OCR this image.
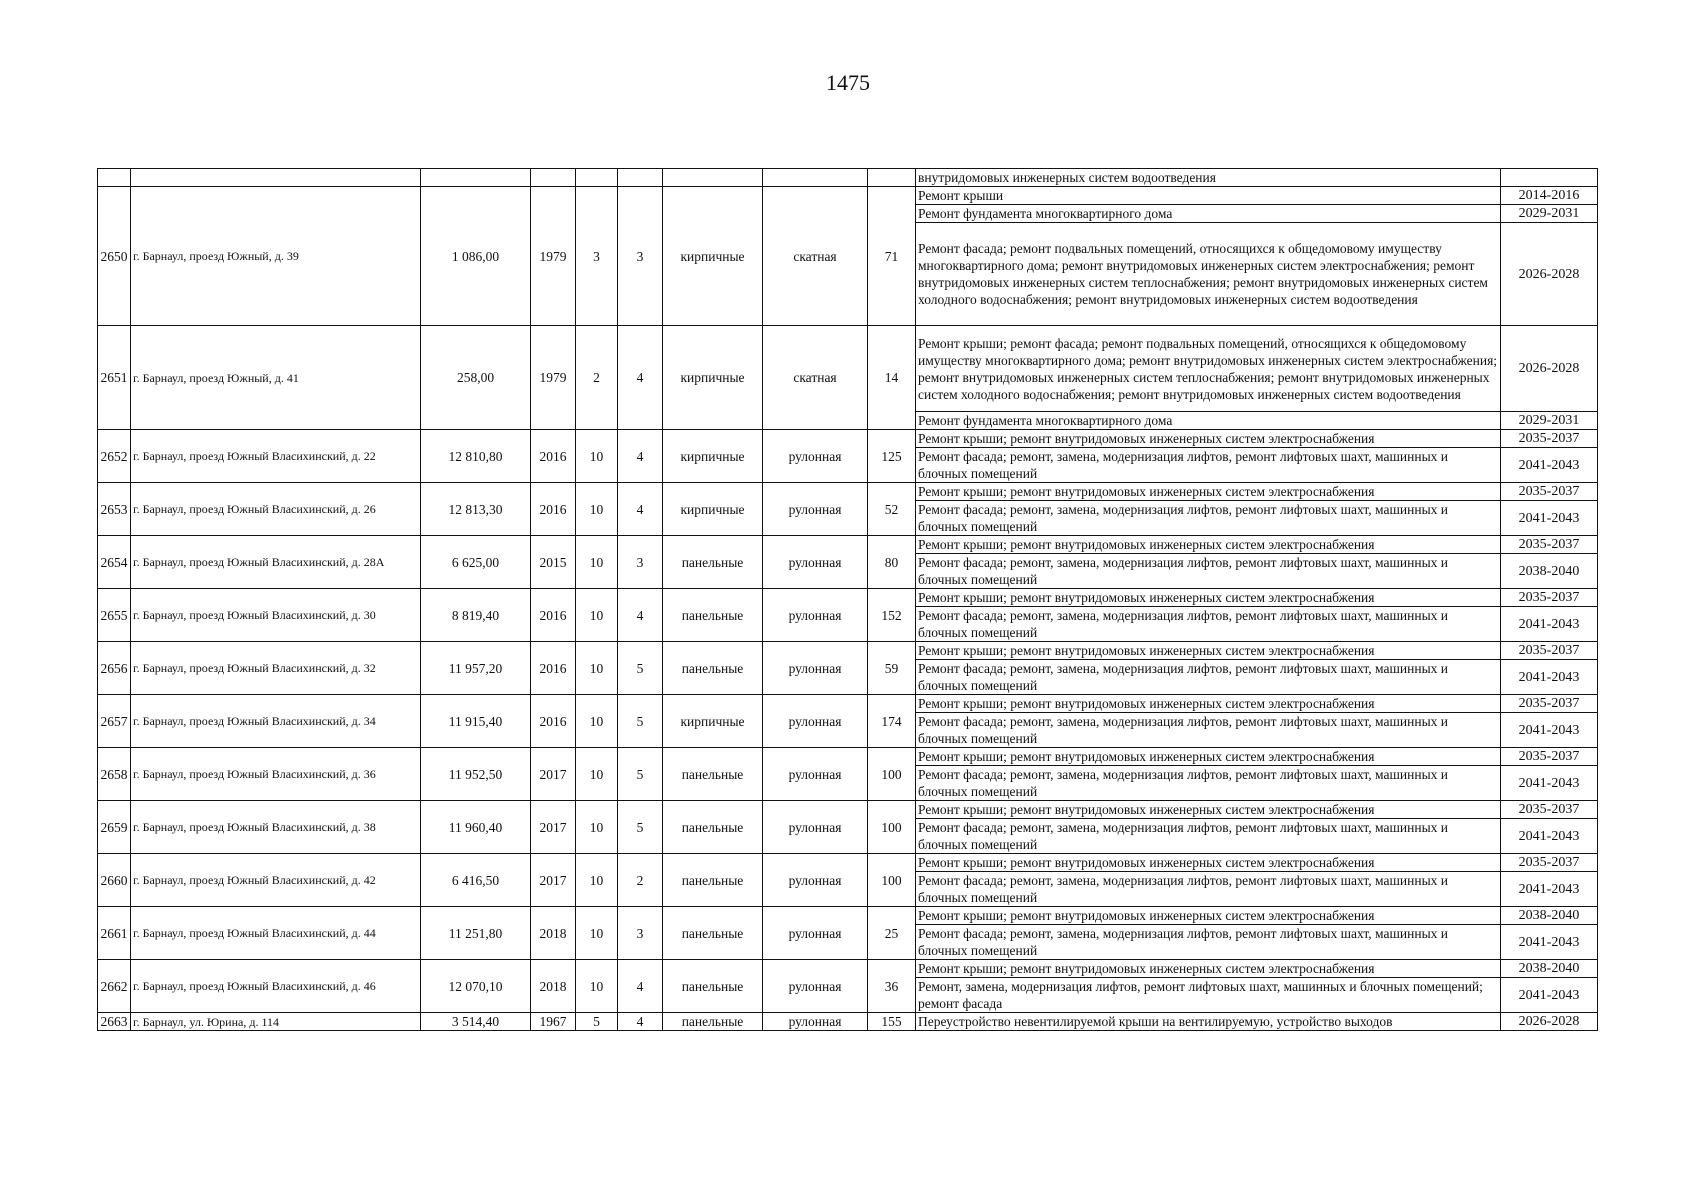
1475
									внутридомовых инженерных систем водоотведения	
2650	г. Барнаул, проезд Южный, д. 39	1 086,00	1979	3	3	кирпичные	скатная	71	Ремонт крыши	2014-2016
									Ремонт фундамента многоквартирного дома	2029-2031
									Ремонт фасада; ремонт подвальных помещений, относящихся к общедомовому имуществу многоквартирного дома; ремонт внутридомовых инженерных систем электроснабжения; ремонт внутридомовых инженерных систем теплоснабжения; ремонт внутридомовых инженерных систем холодного водоснабжения; ремонт внутридомовых инженерных систем водоотведения	2026-2028
2651	г. Барнаул, проезд Южный, д. 41	258,00	1979	2	4	кирпичные	скатная	14	Ремонт крыши; ремонт фасада; ремонт подвальных помещений, относящихся к общедомовому имуществу многоквартирного дома; ремонт внутридомовых инженерных систем электроснабжения; ремонт внутридомовых инженерных систем теплоснабжения; ремонт внутридомовых инженерных систем холодного водоснабжения; ремонт внутридомовых инженерных систем водоотведения	2026-2028
									Ремонт фундамента многоквартирного дома	2029-2031
2652	г. Барнаул, проезд Южный Власихинский, д. 22	12 810,80	2016	10	4	кирпичные	рулонная	125	Ремонт крыши; ремонт внутридомовых инженерных систем электроснабжения	2035-2037
									Ремонт фасада; ремонт, замена, модернизация лифтов, ремонт лифтовых шахт, машинных и блочных помещений	2041-2043
2653	г. Барнаул, проезд Южный Власихинский, д. 26	12 813,30	2016	10	4	кирпичные	рулонная	52	Ремонт крыши; ремонт внутридомовых инженерных систем электроснабжения	2035-2037
									Ремонт фасада; ремонт, замена, модернизация лифтов, ремонт лифтовых шахт, машинных и блочных помещений	2041-2043
2654	г. Барнаул, проезд Южный Власихинский, д. 28А	6 625,00	2015	10	3	панельные	рулонная	80	Ремонт крыши; ремонт внутридомовых инженерных систем электроснабжения	2035-2037
									Ремонт фасада; ремонт, замена, модернизация лифтов, ремонт лифтовых шахт, машинных и блочных помещений	2038-2040
2655	г. Барнаул, проезд Южный Власихинский, д. 30	8 819,40	2016	10	4	панельные	рулонная	152	Ремонт крыши; ремонт внутридомовых инженерных систем электроснабжения	2035-2037
									Ремонт фасада; ремонт, замена, модернизация лифтов, ремонт лифтовых шахт, машинных и блочных помещений	2041-2043
2656	г. Барнаул, проезд Южный Власихинский, д. 32	11 957,20	2016	10	5	панельные	рулонная	59	Ремонт крыши; ремонт внутридомовых инженерных систем электроснабжения	2035-2037
									Ремонт фасада; ремонт, замена, модернизация лифтов, ремонт лифтовых шахт, машинных и блочных помещений	2041-2043
2657	г. Барнаул, проезд Южный Власихинский, д. 34	11 915,40	2016	10	5	кирпичные	рулонная	174	Ремонт крыши; ремонт внутридомовых инженерных систем электроснабжения	2035-2037
									Ремонт фасада; ремонт, замена, модернизация лифтов, ремонт лифтовых шахт, машинных и блочных помещений	2041-2043
2658	г. Барнаул, проезд Южный Власихинский, д. 36	11 952,50	2017	10	5	панельные	рулонная	100	Ремонт крыши; ремонт внутридомовых инженерных систем электроснабжения	2035-2037
									Ремонт фасада; ремонт, замена, модернизация лифтов, ремонт лифтовых шахт, машинных и блочных помещений	2041-2043
2659	г. Барнаул, проезд Южный Власихинский, д. 38	11 960,40	2017	10	5	панельные	рулонная	100	Ремонт крыши; ремонт внутридомовых инженерных систем электроснабжения	2035-2037
									Ремонт фасада; ремонт, замена, модернизация лифтов, ремонт лифтовых шахт, машинных и блочных помещений	2041-2043
2660	г. Барнаул, проезд Южный Власихинский, д. 42	6 416,50	2017	10	2	панельные	рулонная	100	Ремонт крыши; ремонт внутридомовых инженерных систем электроснабжения	2035-2037
									Ремонт фасада; ремонт, замена, модернизация лифтов, ремонт лифтовых шахт, машинных и блочных помещений	2041-2043
2661	г. Барнаул, проезд Южный Власихинский, д. 44	11 251,80	2018	10	3	панельные	рулонная	25	Ремонт крыши; ремонт внутридомовых инженерных систем электроснабжения	2038-2040
									Ремонт фасада; ремонт, замена, модернизация лифтов, ремонт лифтовых шахт, машинных и блочных помещений	2041-2043
2662	г. Барнаул, проезд Южный Власихинский, д. 46	12 070,10	2018	10	4	панельные	рулонная	36	Ремонт крыши; ремонт внутридомовых инженерных систем электроснабжения	2038-2040
									Ремонт, замена, модернизация лифтов, ремонт лифтовых шахт, машинных и блочных помещений; ремонт фасада	2041-2043
2663	г. Барнаул, ул. Юрина, д. 114	3 514,40	1967	5	4	панельные	рулонная	155	Переустройство невентилируемой крыши на вентилируемую, устройство выходов	2026-2028
